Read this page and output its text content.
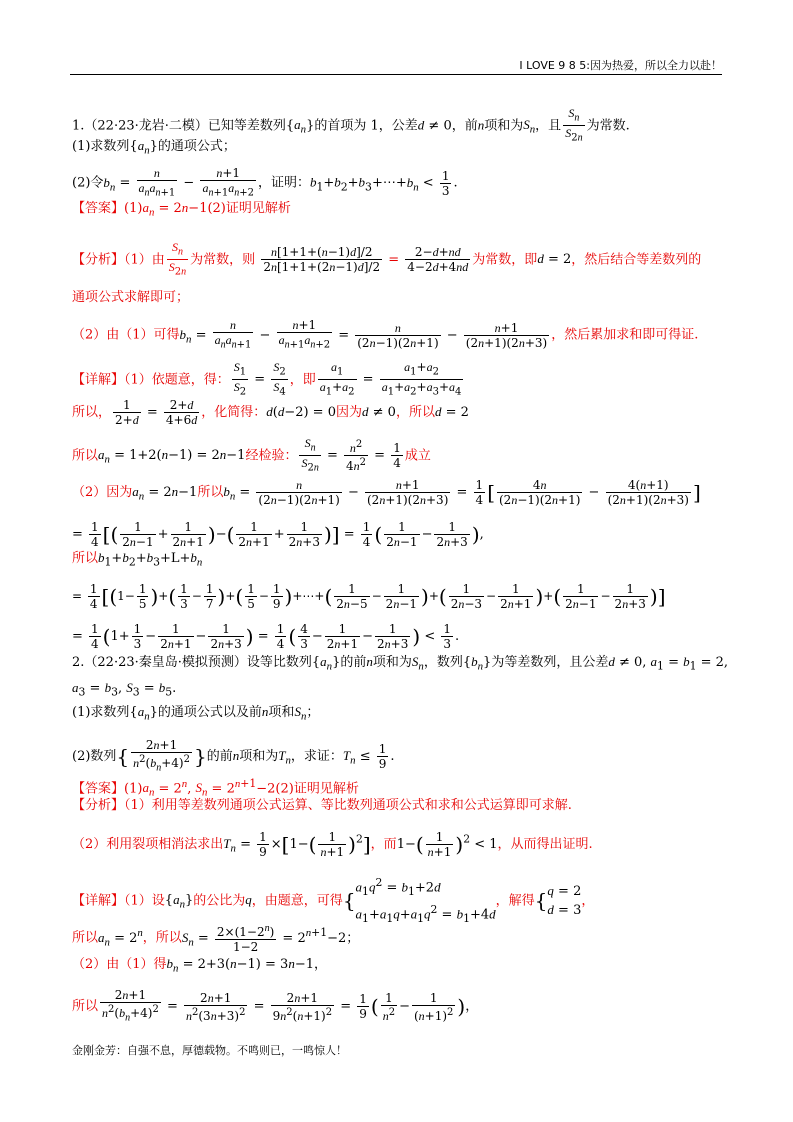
I LOVE 9 8 5:因为热爱，所以全力以赴！
1.（22·23·龙岩·二模）已知等差数列$\{a_n\}$的首项为 1，公差d ≠ 0，前n项和为$S_n$，且 $\frac{S_n}{S_{2n}}$ 为常数.
(1)求数列$\{a_n\}$的通项公式；
(2)令$b_n$ =
n
$a_na_{n+1}$
− $\frac{n+1}{a_{n+1}a_{n+2}}$ ，证明：$b_1+b_2+b_3+\cdots+b_n < \frac{1}{3}$ .
【答案】$(1)a_n = 2n-1(2)$证明见解析
【分析】（1）由 $\frac{S_n}{S_{2n}}$ 为常数，则 $\frac{n[1+1+(n-1)d]/2}{2n[1+1+(2n-1)d]/2} = \frac{2-d+nd}{4-2d+4nd}$ 为常数，即d = 2，然后结合等差数列的
通项公式求解即可；
（2）由（1）可得$b_n$ =
n
$a_na_{n+1}$
− $\frac{n+1}{a_{n+1}a_{n+2}} = \frac{n}{(2n-1)(2n+1)} - \frac{n+1}{(2n+1)(2n+3)}$ ，然后累加求和即可得证.
【详解】（1）依题意，得： $\frac{S_1}{S_2} = \frac{S_2}{S_4}$ ，即 $\frac{a_1}{a_1+a_2} = \frac{a_1+a_2}{a_1+a_2+a_3+a_4}$
所以， $\frac{1}{2+d} = \frac{2+d}{4+6d}$ ，化简得：d(d−2) = 0因为d ≠ 0，所以d = 2
所以$a_n = 1+2(n-1) = 2n-1$经检验： $\frac{S_n}{S_{2n}} = \frac{n^2}{4n^2} = \frac{1}{4}$ 成立
（2）因为$a_n = 2n-1$所以$b_n = \frac{n}{(2n-1)(2n+1)} - \frac{n+1}{(2n+1)(2n+3)} = \frac{1}{4}$ [ $\frac{4n}{(2n-1)(2n+1)} - \frac{4(n+1)}{(2n+1)(2n+3)}$ ]
= $\frac{1}{4}$ [( $\frac{1}{2n-1} + \frac{1}{2n+1}$ )−( $\frac{1}{2n+1} + \frac{1}{2n+3}$ )] = $\frac{1}{4}$ ( $\frac{1}{2n-1} - \frac{1}{2n+3}$ ),
所以$b_1+b_2+b_3+L+b_n$
= $\frac{1}{4} [(1- \frac{1}{5}$ )+( $\frac{1}{3} - \frac{1}{7}$ )+( $\frac{1}{5} - \frac{1}{9}$ )+⋯+( $\frac{1}{2n-5} - \frac{1}{2n-1}$ )+( $\frac{1}{2n-3} - \frac{1}{2n+1}$ )+( $\frac{1}{2n-1} - \frac{1}{2n+3}$ )]
= $\frac{1}{4} (1+ \frac{1}{3} - \frac{1}{2n+1} - \frac{1}{2n+3}$ ) = $\frac{1}{4}$ ( $\frac{4}{3} - \frac{1}{2n+1} - \frac{1}{2n+3}$ ) < $\frac{1}{3}$ .
2.（22·23·秦皇岛·模拟预测）设等比数列$\{a_n\}$的前n项和为$S_n$，数列$\{b_n\}$为等差数列，且公差d ≠ 0, $a_1 = b_1 = 2$,
$a_3 = b_3$, $S_3 = b_5$.
(1)求数列$\{a_n\}$的通项公式以及前n项和$S_n$；
(2)数列{ $\frac{2n+1}{n^2(b_n+4)^2}$ }的前n项和为$T_n$，求证：$T_n \le \frac{1}{9}$ .
【答案】$(1)a_n = 2^n$, $S_n = 2^{n+1}-2(2)$证明见解析
【分析】（1）利用等差数列通项公式运算、等比数列通项公式和求和公式运算即可求解.
（2）利用裂项相消法求出$T_n = \frac{1}{9} \times[1-( \frac{1}{n+1} )^2]$，而$1-( \frac{1}{n+1} )^2 < 1$，从而得出证明.
【详解】（1）设$\{a_n\}$的公比为q，由题意，可得{$a_1q^2 = b_1+2d$
$a_1+a_1q+a_1q^2 = b_1+4d$，解得{q = 2
d = 3，
所以$a_n = 2^n$，所以$S_n = \frac{2\times(1-2^n)}{1-2} = 2^{n+1}-2$；
（2）由（1）得$b_n = 2+3(n-1) = 3n-1$，
所以 $\frac{2n+1}{n^2(b_n+4)^2} = \frac{2n+1}{n^2(3n+3)^2} = \frac{2n+1}{9n^2(n+1)^2} = \frac{1}{9}$ ( $\frac{1}{n^2} - \frac{1}{(n+1)^2}$ )，
金刚金芳：自强不息，厚德载物。不鸣则已，一鸣惊人！
